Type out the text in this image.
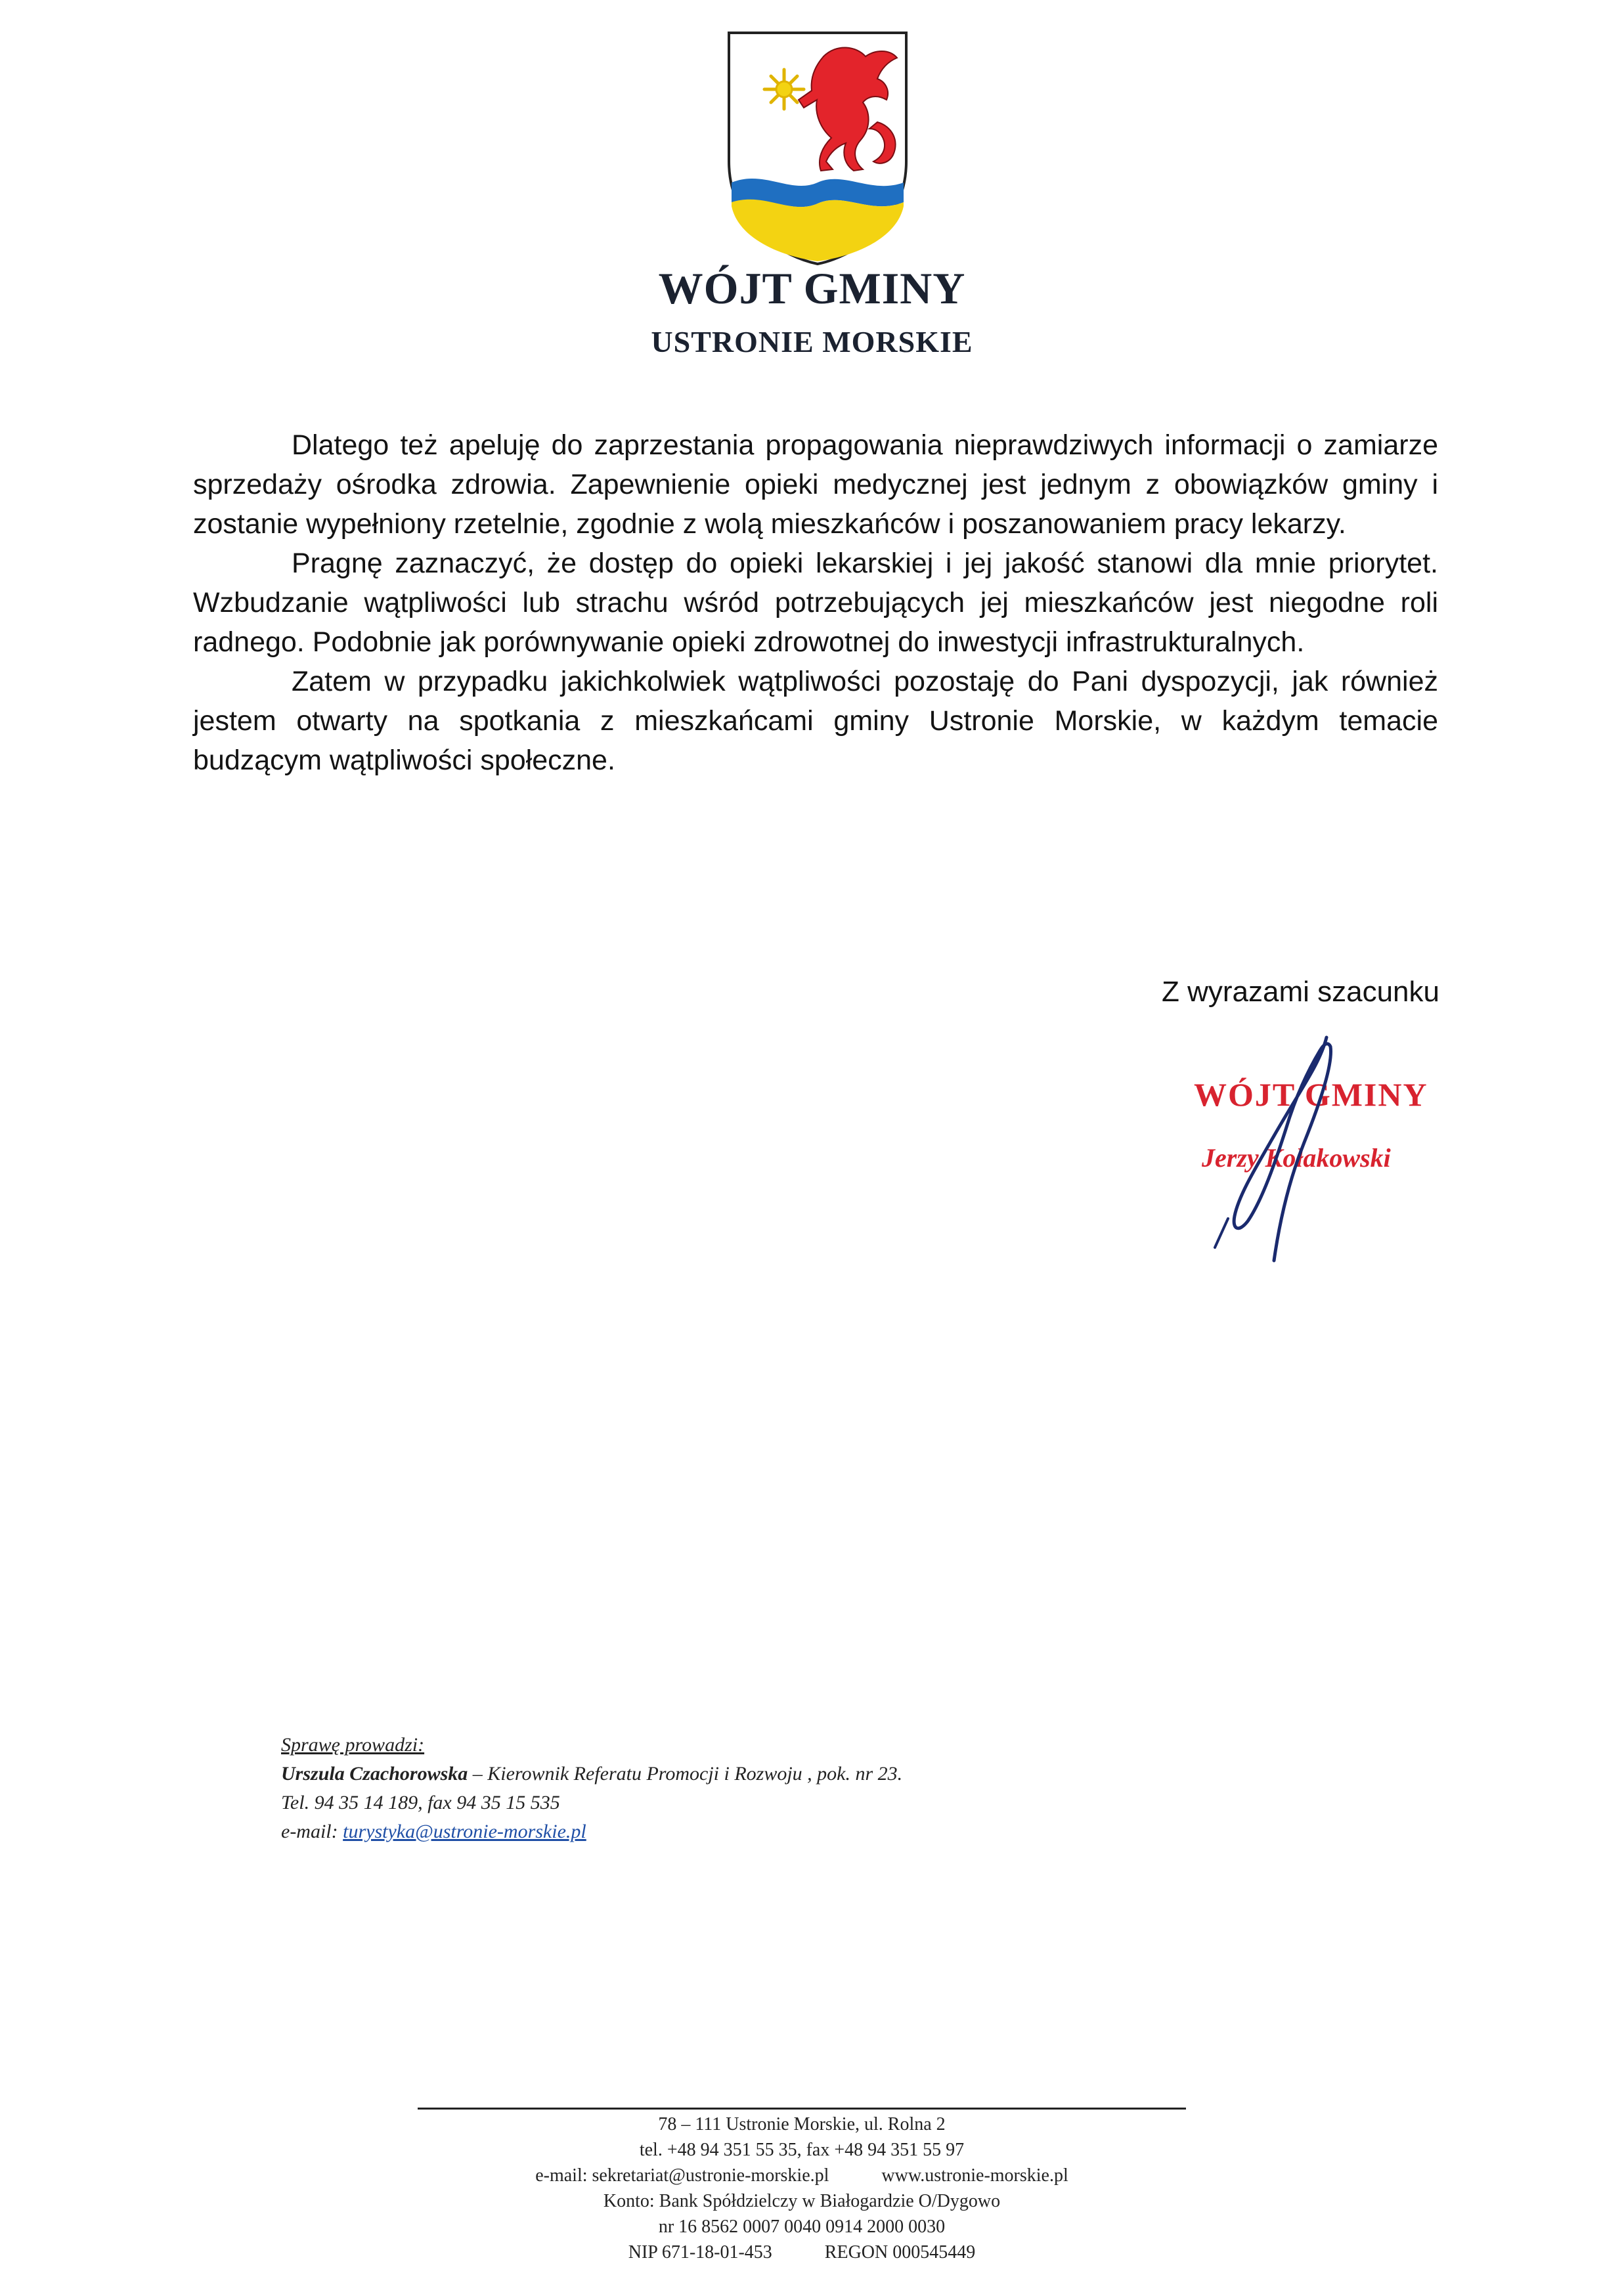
WÓJT GMINY
USTRONIE MORSKIE

Dlatego też apeluję do zaprzestania propagowania nieprawdziwych informacji o zamiarze sprzedaży ośrodka zdrowia. Zapewnienie opieki medycznej jest jednym z obowiązków gminy i zostanie wypełniony rzetelnie, zgodnie z wolą mieszkańców i poszanowaniem pracy lekarzy.

Pragnę zaznaczyć, że dostęp do opieki lekarskiej i jej jakość stanowi dla mnie priorytet. Wzbudzanie wątpliwości lub strachu wśród potrzebujących jej mieszkańców jest niegodne roli radnego. Podobnie jak porównywanie opieki zdrowotnej do inwestycji infrastrukturalnych.

Zatem w przypadku jakichkolwiek wątpliwości pozostaję do Pani dyspozycji, jak również jestem otwarty na spotkania z mieszkańcami gminy Ustronie Morskie, w każdym temacie budzącym wątpliwości społeczne.

Z wyrazami szacunku
WÓJT GMINY
Jerzy Kołakowski
Sprawę prowadzi:
Urszula Czachorowska – Kierownik Referatu Promocji i Rozwoju , pok. nr 23.
Tel. 94 35 14 189, fax 94 35 15 535
e-mail: turystyka@ustronie-morskie.pl
78 – 111 Ustronie Morskie, ul. Rolna 2
tel. +48 94 351 55 35, fax +48 94 351 55 97
e-mail: sekretariat@ustronie-morskie.pl	www.ustronie-morskie.pl
Konto: Bank Spółdzielczy w Białogardzie O/Dygowo
nr 16 8562 0007 0040 0914 2000 0030
NIP 671-18-01-453	REGON 000545449
